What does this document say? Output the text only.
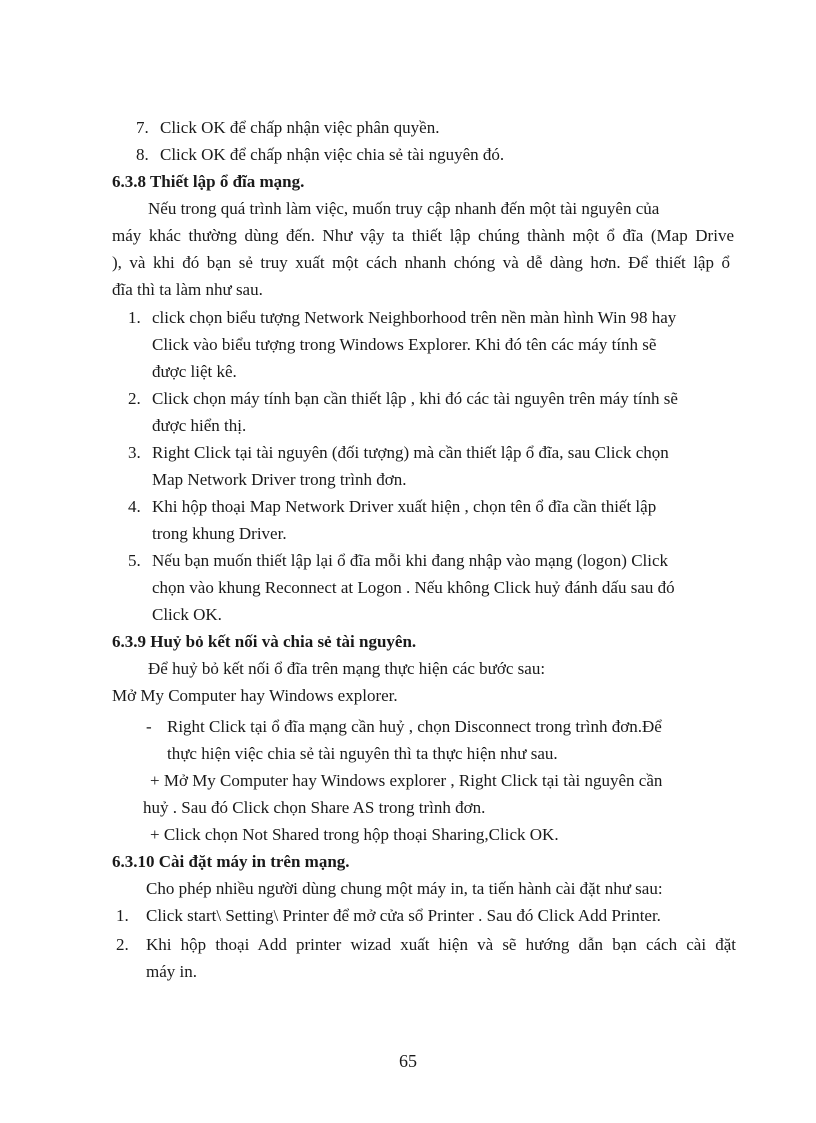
7. Click OK để chấp nhận việc phân quyền.
8. Click OK để chấp nhận việc chia sẻ tài nguyên đó.
6.3.8 Thiết lập ổ đĩa mạng.
Nếu trong quá trình làm việc, muốn truy cập nhanh đến một tài nguyên của
máy khác thường dùng đến. Như vậy ta thiết lập chúng thành một ổ đĩa (Map Drive
), và khi đó bạn sẻ truy xuất một cách nhanh chóng và dễ dàng hơn. Để thiết lập ổ
đĩa thì ta làm như sau.
1. click chọn biểu tượng Network Neighborhood trên nền màn hình Win 98 hay
Click vào biểu tượng trong Windows Explorer. Khi đó tên các máy tính sẽ
được liệt kê.
2. Click chọn máy tính bạn cần thiết lập , khi đó các tài nguyên trên máy tính sẽ
được hiển thị.
3. Right Click tại tài nguyên (đối tượng) mà cần thiết lập ổ đĩa, sau Click chọn
Map Network Driver trong trình đơn.
4. Khi hộp thoại Map Network Driver xuất hiện , chọn tên ổ đĩa cần thiết lập
trong khung Driver.
5. Nếu bạn muốn thiết lập lại ổ đĩa mỗi khi đang nhập vào mạng (logon) Click
chọn vào khung Reconnect at Logon . Nếu không Click huỷ đánh dấu sau đó
Click OK.
6.3.9 Huỷ bỏ kết nối và chia sẻ tài nguyên.
Để huỷ bỏ kết nối ổ đĩa trên mạng thực hiện các bước sau:
Mở My Computer hay Windows explorer.
- Right Click tại ổ đĩa mạng cần huỷ , chọn Disconnect trong trình đơn.Để
thực hiện việc chia sẻ tài nguyên thì ta thực hiện như sau.
+ Mở My Computer hay Windows explorer , Right Click tại tài nguyên cần
huỷ . Sau đó Click chọn Share AS trong trình đơn.
+ Click chọn Not Shared trong hộp thoại Sharing,Click OK.
6.3.10 Cài đặt máy in trên mạng.
Cho phép nhiều người dùng chung một máy in, ta tiến hành cài đặt như sau:
1. Click start\ Setting\ Printer để mở cửa sổ Printer . Sau đó Click Add Printer.
2. Khi hộp thoại Add printer wizad xuất hiện và sẽ hướng dẫn bạn cách cài đặt
máy in.
65
